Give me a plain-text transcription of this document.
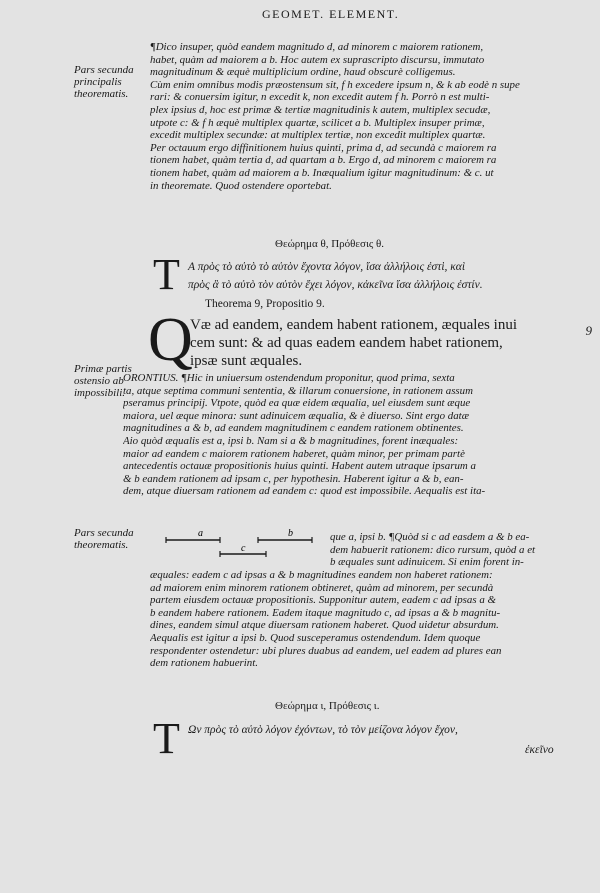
GEOMET. ELEMENT.
Pars secunda
principalis
theorematis.
¶Dico insuper, quòd eandem magnitudo d, ad minorem c maiorem rationem,
habet, quàm ad maiorem a b. Hoc autem ex suprascripto discursu, immutato
magnitudinum & æquè multiplicium ordine, haud obscurè colligemus.
Cùm enim omnibus modis præostensum sit, f h excedere ipsum n, & k ab eodè n supe
rari: & conuersim igitur, n excedit k, non excedit autem f h. Porrò n est multi-
plex ipsius d, hoc est primæ & tertiæ magnitudinis k autem, multiplex secudæ,
utpote c: & f h æquè multiplex quartæ, scilicet a b. Multiplex insuper primæ,
excedit multiplex secundæ: at multiplex tertiæ, non excedit multiplex quartæ.
Per octauum ergo diffinitionem huius quinti, prima d, ad secundà c maiorem ra
tionem habet, quàm tertia d, ad quartam a b. Ergo d, ad minorem c maiorem ra
tionem habet, quàm ad maiorem a b. Inæqualium igitur magnitudinum: & c. ut
in theoremate. Quod ostendere oportebat.
Θεώρημα θ, Πρόθεσις θ.
T Α πρὸς τὸ αὐτὸ τὸ αὐτὸν ἔχοντα λόγον, ἴσα ἀλλήλοις ἐστὶ, καὶ
πρὸς ἃ τὸ αὐτὸ τὸν αὐτὸν ἔχει λόγον, κἀκεῖνα ἴσα ἀλλήλοις ἐστίν.
Theorema 9, Propositio 9.
Q
Væ ad eandem, eandem habent rationem, æquales inui
cem sunt: & ad quas eadem eandem habet rationem,
ipsæ sunt æquales.
9
Primæ partis
ostensio ab
impossibili.
ORONTIUS. ¶Hic in uniuersum ostendendum proponitur, quod prima, sexta
ta, atque septima communi sententia, & illarum conuersione, in rationem assum
pseramus principij. Vtpote, quòd ea quæ eidem æqualia, uel eiusdem sunt æque
maiora, uel æque minora: sunt adinuicem æqualia, & è diuerso. Sint ergo datæ
magnitudines a & b, ad eandem magnitudinem c eandem rationem obtinentes.
Aio quòd æqualis est a, ipsi b. Nam si a & b magnitudines, forent inæquales:
maior ad eandem c maiorem rationem haberet, quàm minor, per primam partè
antecedentis octauæ propositionis huius quinti. Habent autem utraque ipsarum a
& b eandem rationem ad ipsam c, per hypothesin. Haberent igitur a & b, ean-
dem, atque diuersam rationem ad eandem c: quod est impossibile. Aequalis est ita-
Pars secunda
theorematis.
a	b
c
que a, ipsi b. ¶Quòd si c ad easdem a & b ea-
dem habuerit rationem: dico rursum, quòd a et
b æquales sunt adinuicem. Si enim forent in-
æquales: eadem c ad ipsas a & b magnitudines eandem non haberet rationem:
ad maiorem enim minorem rationem obtineret, quàm ad minorem, per secundà
partem eiusdem octauæ propositionis. Supponitur autem, eadem c ad ipsas a &
b eandem habere rationem. Eadem itaque magnitudo c, ad ipsas a & b magnitu-
dines, eandem simul atque diuersam rationem haberet. Quod uidetur absurdum.
Aequalis est igitur a ipsi b. Quod susceperamus ostendendum. Idem quoque
respondenter ostendetur: ubi plures duabus ad eandem, uel eadem ad plures ean
dem rationem habuerint.
Θεώρημα ι, Πρόθεσις ι.
T Ων πρὸς τὸ αὐτὸ λόγον ἐχόντων, τὸ τὸν μείζονα λόγον ἔχον,
ἐκεῖνο
